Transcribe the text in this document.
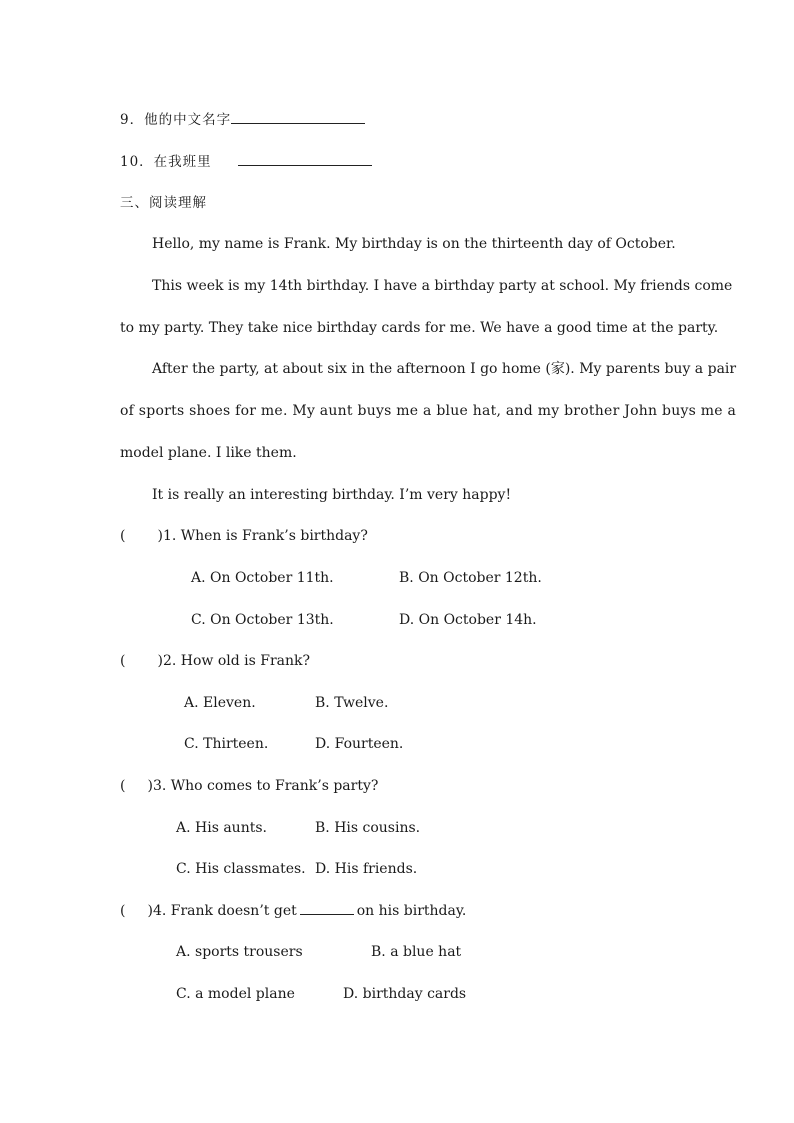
9．他的中文名字
10．在我班里
三、阅读理解
Hello, my name is Frank. My birthday is on the thirteenth day of October.
This week is my 14th birthday. I have a birthday party at school. My friends come
to my party. They take nice birthday cards for me. We have a good time at the party.
After the party, at about six in the afternoon I go home (家). My parents buy a pair
of sports shoes for me. My aunt buys me a blue hat, and my brother John buys me a
model plane. I like them.
It is really an interesting birthday. I’m very happy!
( )1. When is Frank’s birthday?
A. On October 11th.	B. On October 12th.
C. On October 13th.	D. On October 14h.
( )2. How old is Frank?
A. Eleven.	B. Twelve.
C. Thirteen.	D. Fourteen.
( )3. Who comes to Frank’s party?
A. His aunts.	B. His cousins.
C. His classmates. D. His friends.
( )4. Frank doesn’t get	on his birthday.
A. sports trousers	B. a blue hat
C. a model plane	D. birthday cards
